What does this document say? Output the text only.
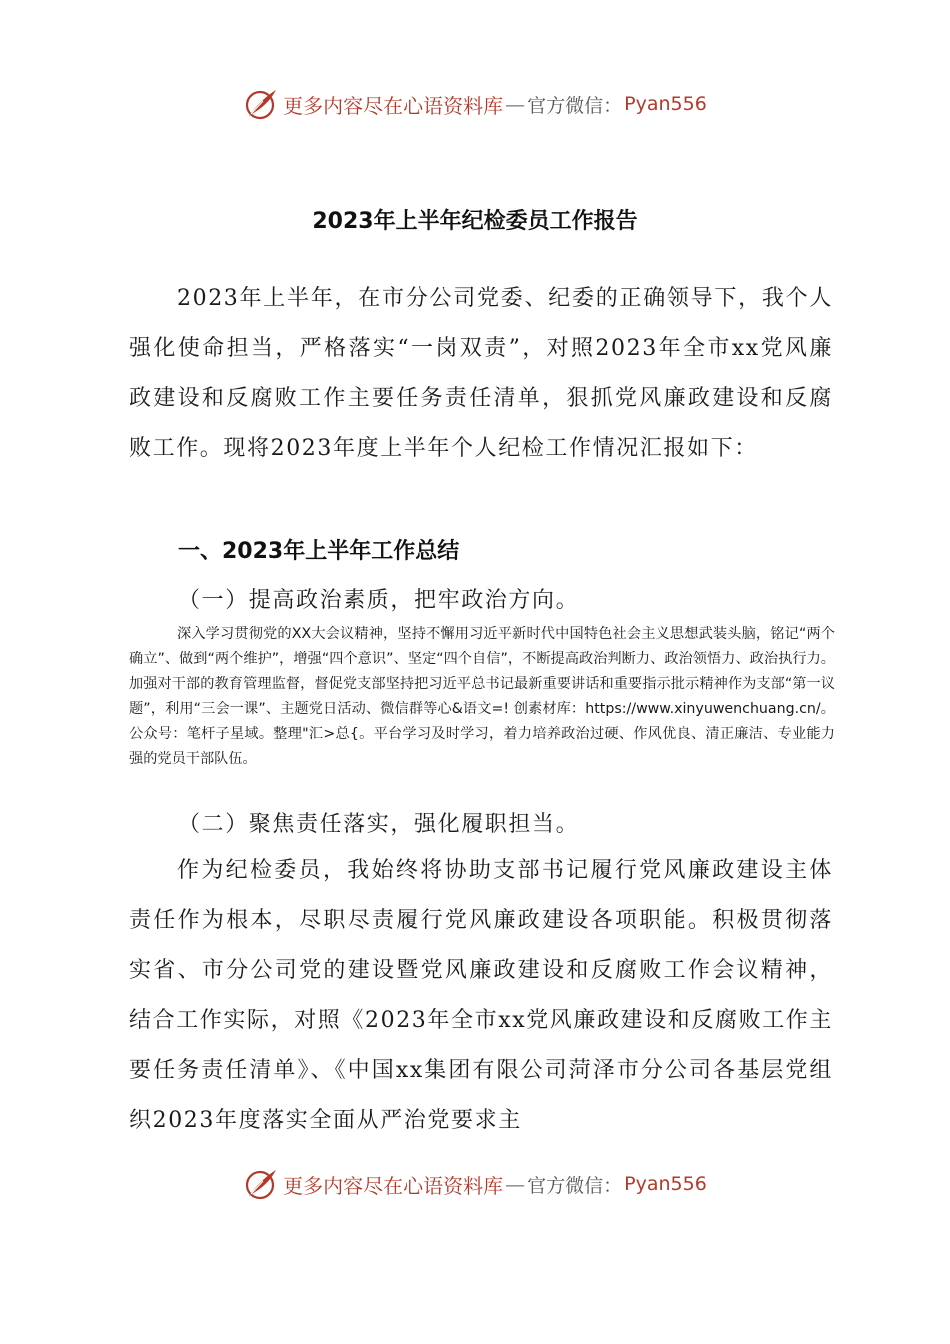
更多内容尽在心语资料库 — 官方微信： Pyan556
2023年上半年纪检委员工作报告
2023年上半年，在市分公司党委、纪委的正确领导下，我个人强化使命担当，严格落实“一岗双责”，对照2023年全市xx党风廉政建设和反腐败工作主要任务责任清单，狠抓党风廉政建设和反腐败工作。现将2023年度上半年个人纪检工作情况汇报如下：
一、2023年上半年工作总结
（一）提高政治素质，把牢政治方向。
深入学习贯彻党的XX大会议精神，坚持不懈用习近平新时代中国特色社会主义思想武装头脑，铭记“两个确立”、做到“两个维护”，增强“四个意识”、坚定“四个自信”，不断提高政治判断力、政治领悟力、政治执行力。加强对干部的教育管理监督，督促党支部坚持把习近平总书记最新重要讲话和重要指示批示精神作为支部“第一议题”，利用“三会一课”、主题党日活动、微信群等心&语文=! 创素材库：https://www.xinyuwenchuang.cn/。公众号：笔杆子星域。整理"汇>总{。平台学习及时学习，着力培养政治过硬、作风优良、清正廉洁、专业能力强的党员干部队伍。
（二）聚焦责任落实，强化履职担当。
作为纪检委员，我始终将协助支部书记履行党风廉政建设主体责任作为根本，尽职尽责履行党风廉政建设各项职能。积极贯彻落实省、市分公司党的建设暨党风廉政建设和反腐败工作会议精神，结合工作实际，对照《2023年全市xx党风廉政建设和反腐败工作主要任务责任清单》、《中国xx集团有限公司菏泽市分公司各基层党组织2023年度落实全面从严治党要求主
更多内容尽在心语资料库 — 官方微信： Pyan556
